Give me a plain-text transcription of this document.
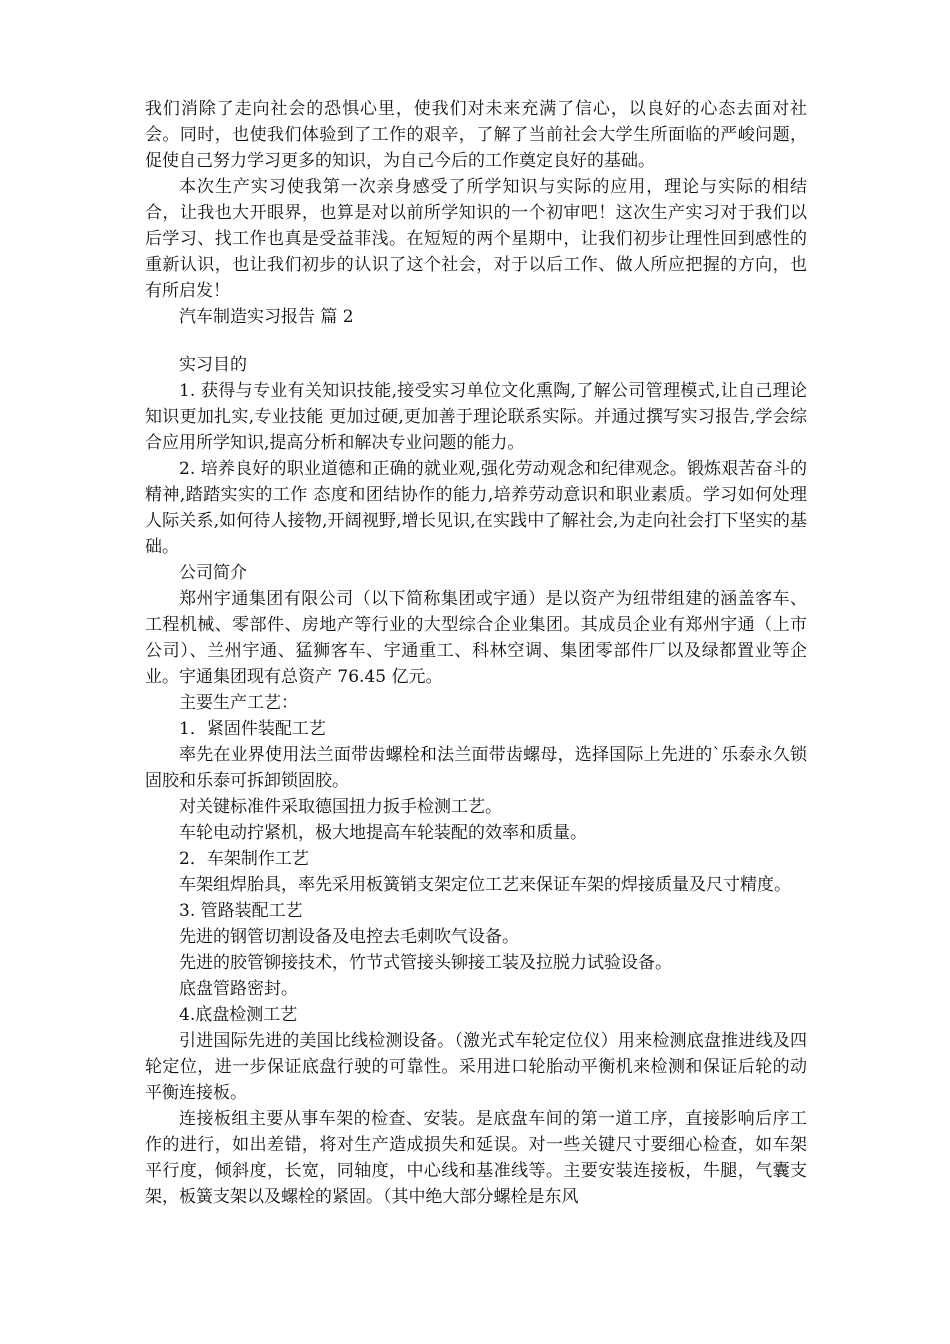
我们消除了走向社会的恐惧心里，使我们对未来充满了信心，以良好的心态去面对社会。同时，也使我们体验到了工作的艰辛，了解了当前社会大学生所面临的严峻问题，促使自己努力学习更多的知识，为自己今后的工作奠定良好的基础。

本次生产实习使我第一次亲身感受了所学知识与实际的应用，理论与实际的相结合，让我也大开眼界，也算是对以前所学知识的一个初审吧！这次生产实习对于我们以后学习、找工作也真是受益菲浅。在短短的两个星期中，让我们初步让理性回到感性的重新认识，也让我们初步的认识了这个社会，对于以后工作、做人所应把握的方向，也有所启发！

汽车制造实习报告 篇 2

实习目的

1. 获得与专业有关知识技能,接受实习单位文化熏陶,了解公司管理模式,让自己理论知识更加扎实,专业技能 更加过硬,更加善于理论联系实际。并通过撰写实习报告,学会综合应用所学知识,提高分析和解决专业问题的能力。

2. 培养良好的职业道德和正确的就业观,强化劳动观念和纪律观念。锻炼艰苦奋斗的精神,踏踏实实的工作 态度和团结协作的能力,培养劳动意识和职业素质。学习如何处理人际关系,如何待人接物,开阔视野,增长见识,在实践中了解社会,为走向社会打下坚实的基础。

公司简介

郑州宇通集团有限公司（以下简称集团或宇通）是以资产为纽带组建的涵盖客车、工程机械、零部件、房地产等行业的大型综合企业集团。其成员企业有郑州宇通（上市公司）、兰州宇通、猛狮客车、宇通重工、科林空调、集团零部件厂以及绿都置业等企业。宇通集团现有总资产 76.45 亿元。

主要生产工艺：

1．紧固件装配工艺

率先在业界使用法兰面带齿螺栓和法兰面带齿螺母，选择国际上先进的`乐泰永久锁固胶和乐泰可拆卸锁固胶。

对关键标准件采取德国扭力扳手检测工艺。

车轮电动拧紧机，极大地提高车轮装配的效率和质量。

2．车架制作工艺

车架组焊胎具，率先采用板簧销支架定位工艺来保证车架的焊接质量及尺寸精度。

3. 管路装配工艺

先进的钢管切割设备及电控去毛刺吹气设备。

先进的胶管铆接技术，竹节式管接头铆接工装及拉脱力试验设备。

底盘管路密封。

4.底盘检测工艺

引进国际先进的美国比线检测设备。（激光式车轮定位仪）用来检测底盘推进线及四轮定位，进一步保证底盘行驶的可靠性。采用进口轮胎动平衡机来检测和保证后轮的动平衡连接板。

连接板组主要从事车架的检查、安装。是底盘车间的第一道工序，直接影响后序工作的进行，如出差错，将对生产造成损失和延误。对一些关键尺寸要细心检查，如车架平行度，倾斜度，长宽，同轴度，中心线和基准线等。主要安装连接板，牛腿，气囊支架，板簧支架以及螺栓的紧固。（其中绝大部分螺栓是东风
